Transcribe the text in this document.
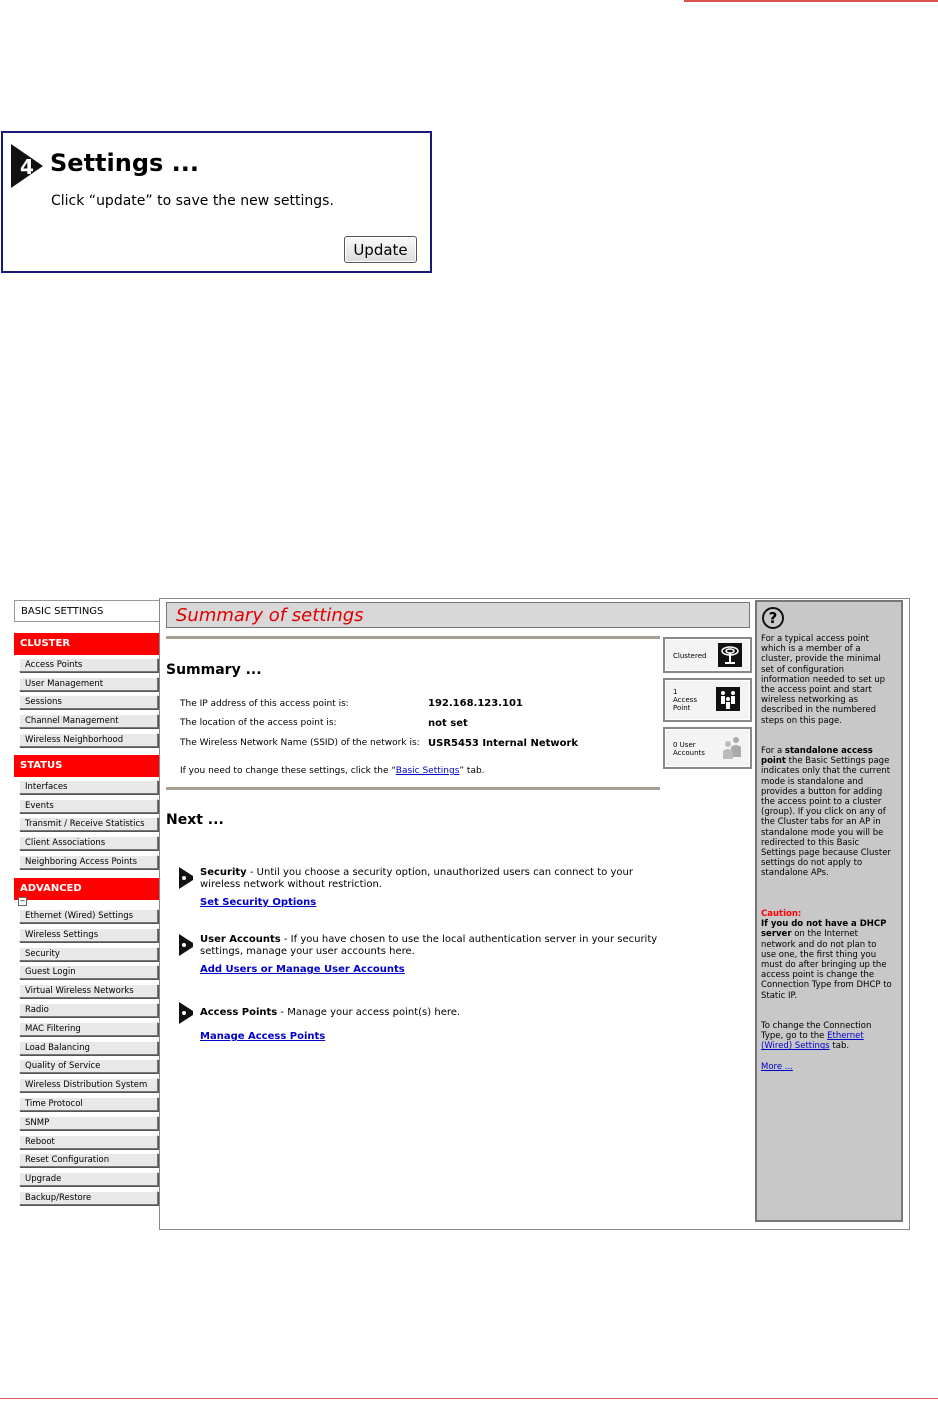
4 Settings ...
Click “update” to save the new settings.
Update
BASIC SETTINGS
CLUSTER
Access Points
User Management
Sessions
Channel Management
Wireless Neighborhood
STATUS
Interfaces
Events
Transmit / Receive Statistics
Client Associations
Neighboring Access Points
ADVANCED
Ethernet (Wired) Settings
Wireless Settings
Security
Guest Login
Virtual Wireless Networks
Radio
MAC Filtering
Load Balancing
Quality of Service
Wireless Distribution System
Time Protocol
SNMP
Reboot
Reset Configuration
Upgrade
Backup/Restore
−
Summary of settings
Summary ...
The IP address of this access point is:	192.168.123.101
The location of the access point is:	not set
The Wireless Network Name (SSID) of the network is: USR5453 Internal Network
If you need to change these settings, click the “Basic Settings” tab.
Next ...
Security - Until you choose a security option, unauthorized users can connect to your wireless network without restriction.
Set Security Options
User Accounts - If you have chosen to use the local authentication server in your security settings, manage your user accounts here.
Add Users or Manage User Accounts
Access Points - Manage your access point(s) here.
Manage Access Points
Clustered
1
Access
Point
0 User
Accounts
?
For a typical access point which is a member of a cluster, provide the minimal set of configuration information needed to set up the access point and start wireless networking as described in the numbered steps on this page.
For a standalone access point the Basic Settings page indicates only that the current mode is standalone and provides a button for adding the access point to a cluster (group). If you click on any of the Cluster tabs for an AP in standalone mode you will be redirected to this Basic Settings page because Cluster settings do not apply to standalone APs.
Caution:
If you do not have a DHCP server on the Internet network and do not plan to use one, the first thing you must do after bringing up the access point is change the Connection Type from DHCP to Static IP.
To change the Connection Type, go to the Ethernet (Wired) Settings tab.
More ...
